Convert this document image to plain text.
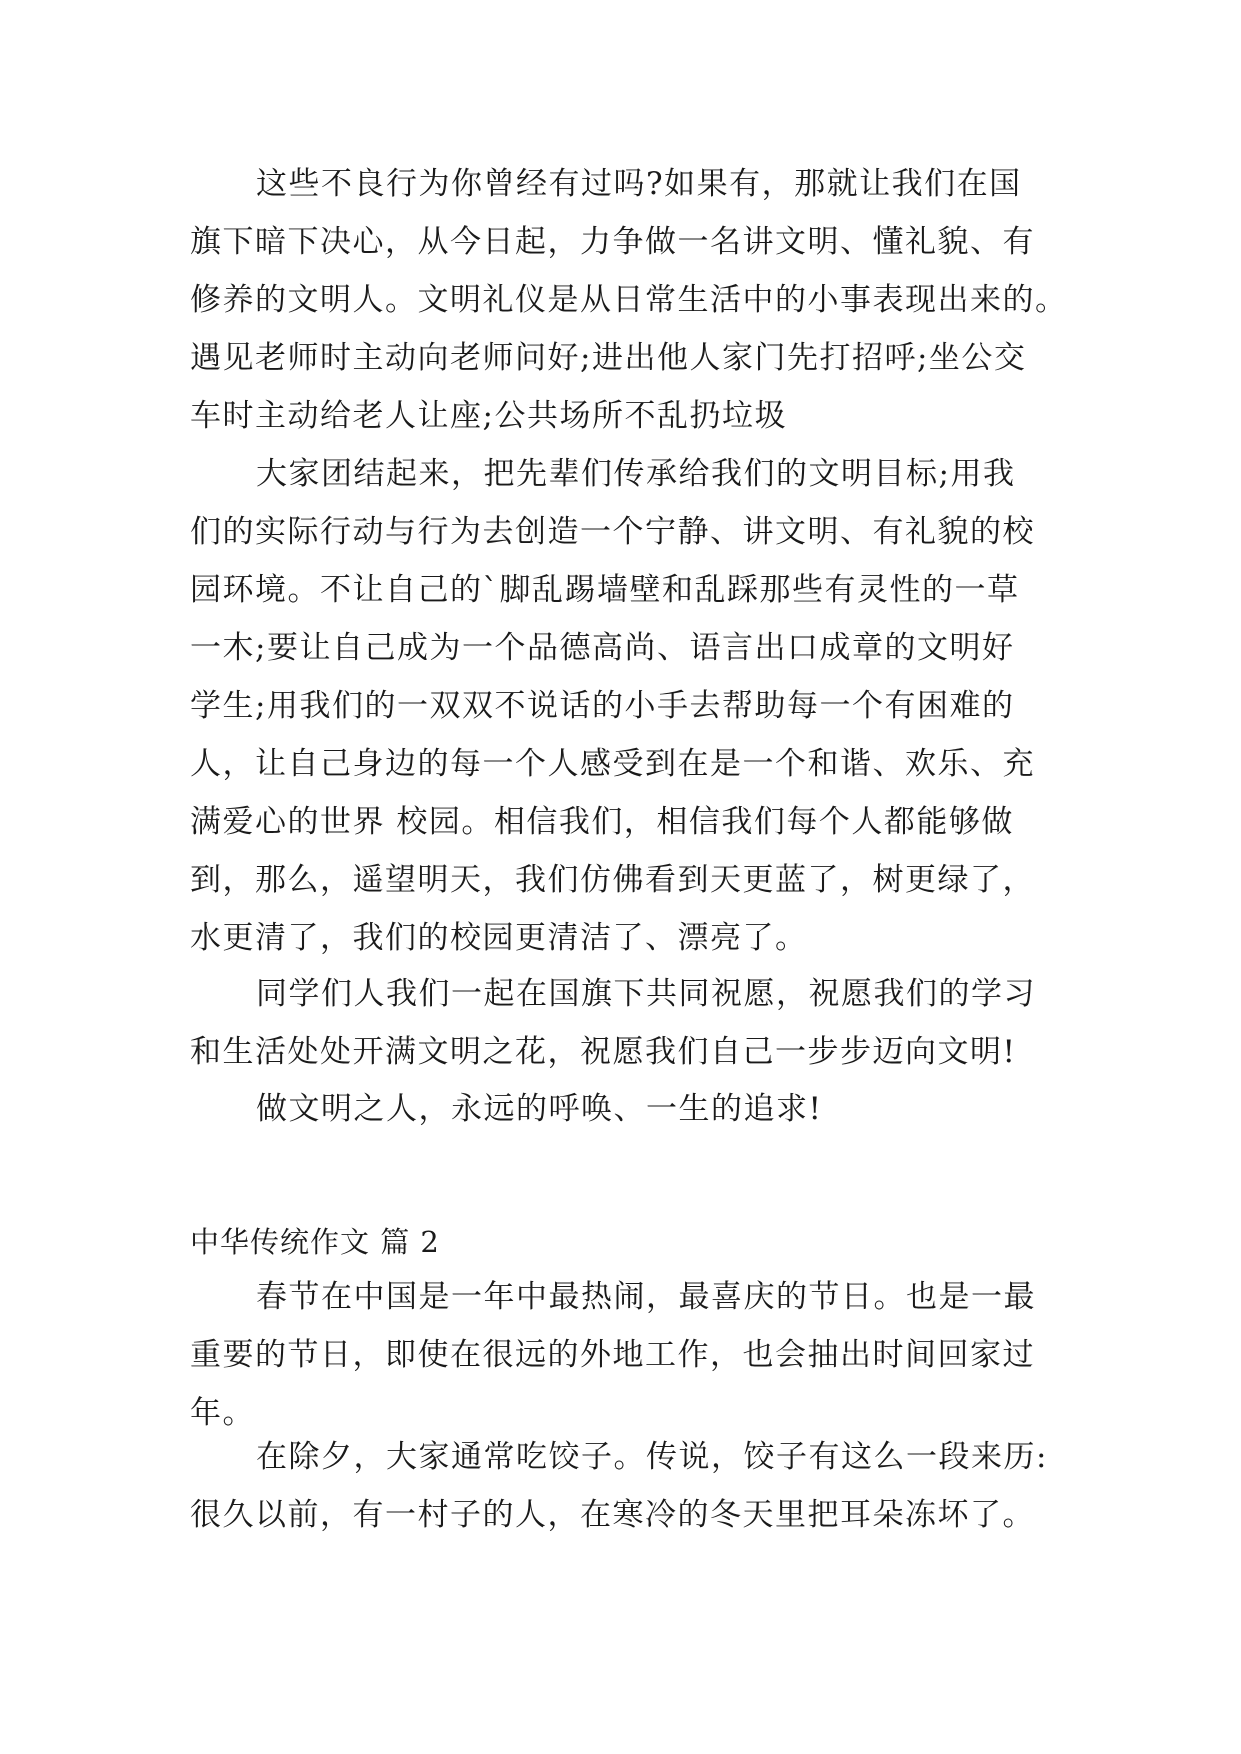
这些不良行为你曾经有过吗?如果有，那就让我们在国
旗下暗下决心，从今日起，力争做一名讲文明、懂礼貌、有
修养的文明人。文明礼仪是从日常生活中的小事表现出来的。
遇见老师时主动向老师问好;进出他人家门先打招呼;坐公交
车时主动给老人让座;公共场所不乱扔垃圾
大家团结起来，把先辈们传承给我们的文明目标;用我
们的实际行动与行为去创造一个宁静、讲文明、有礼貌的校
园环境。不让自己的`脚乱踢墙壁和乱踩那些有灵性的一草
一木;要让自己成为一个品德高尚、语言出口成章的文明好
学生;用我们的一双双不说话的小手去帮助每一个有困难的
人，让自己身边的每一个人感受到在是一个和谐、欢乐、充
满爱心的世界 校园。相信我们，相信我们每个人都能够做
到，那么，遥望明天，我们仿佛看到天更蓝了，树更绿了，
水更清了，我们的校园更清洁了、漂亮了。
同学们人我们一起在国旗下共同祝愿，祝愿我们的学习
和生活处处开满文明之花，祝愿我们自己一步步迈向文明!
做文明之人，永远的呼唤、一生的追求!
中华传统作文 篇 2
春节在中国是一年中最热闹，最喜庆的节日。也是一最
重要的节日，即使在很远的外地工作，也会抽出时间回家过
年。
在除夕，大家通常吃饺子。传说，饺子有这么一段来历:
很久以前，有一村子的人，在寒冷的冬天里把耳朵冻坏了。
